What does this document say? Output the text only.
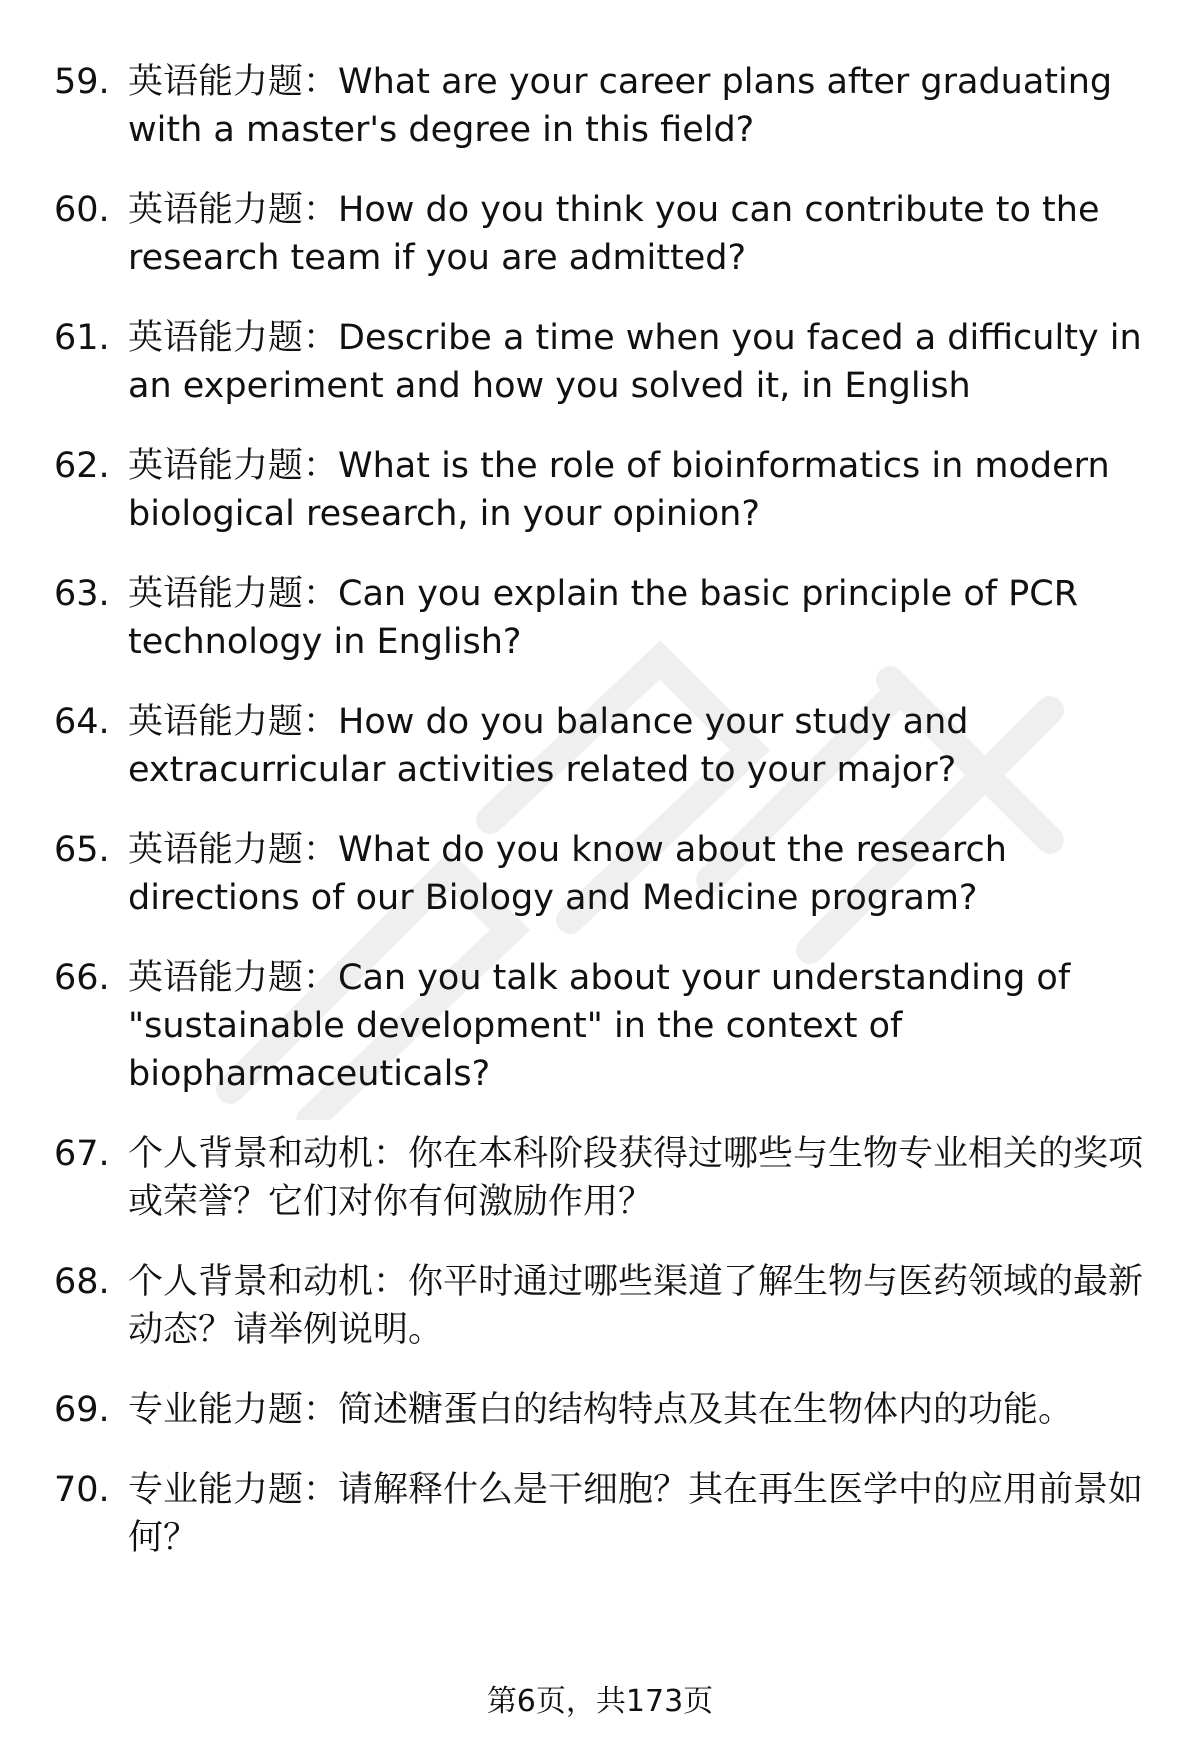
59. 英语能力题：What are your career plans after graduating with a master's degree in this field?
60. 英语能力题：How do you think you can contribute to the research team if you are admitted?
61. 英语能力题：Describe a time when you faced a difficulty in an experiment and how you solved it, in English
62. 英语能力题：What is the role of bioinformatics in modern biological research, in your opinion?
63. 英语能力题：Can you explain the basic principle of PCR technology in English?
64. 英语能力题：How do you balance your study and extracurricular activities related to your major?
65. 英语能力题：What do you know about the research directions of our Biology and Medicine program?
66. 英语能力题：Can you talk about your understanding of "sustainable development" in the context of biopharmaceuticals?
67. 个人背景和动机：你在本科阶段获得过哪些与生物专业相关的奖项或荣誉？它们对你有何激励作用？
68. 个人背景和动机：你平时通过哪些渠道了解生物与医药领域的最新动态？请举例说明。
69. 专业能力题：简述糖蛋白的结构特点及其在生物体内的功能。
70. 专业能力题：请解释什么是干细胞？其在再生医学中的应用前景如何？
第6页，共173页
